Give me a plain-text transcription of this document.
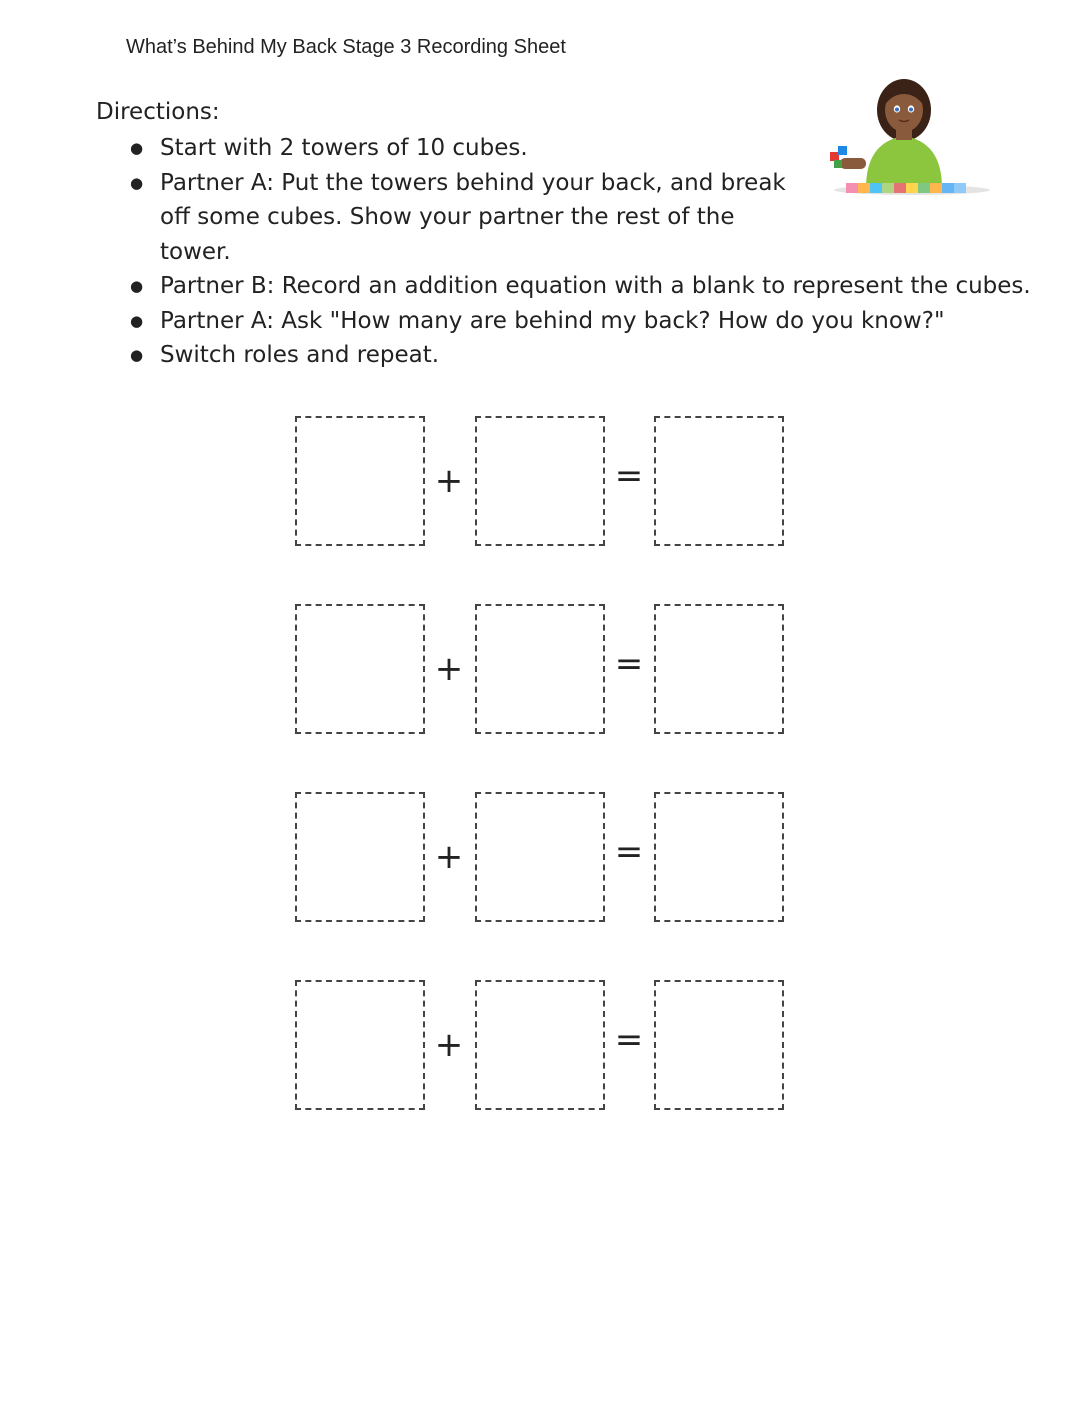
What’s Behind My Back Stage 3 Recording Sheet
Directions:
● Start with 2 towers of 10 cubes.
● Partner A: Put the towers behind your back, and break off some cubes. Show your partner the rest of the tower.
● Partner B: Record an addition equation with a blank to represent the cubes.
● Partner A: Ask "How many are behind my back? How do you know?"
● Switch roles and repeat.
+	=
+	=
+	=
+	=
